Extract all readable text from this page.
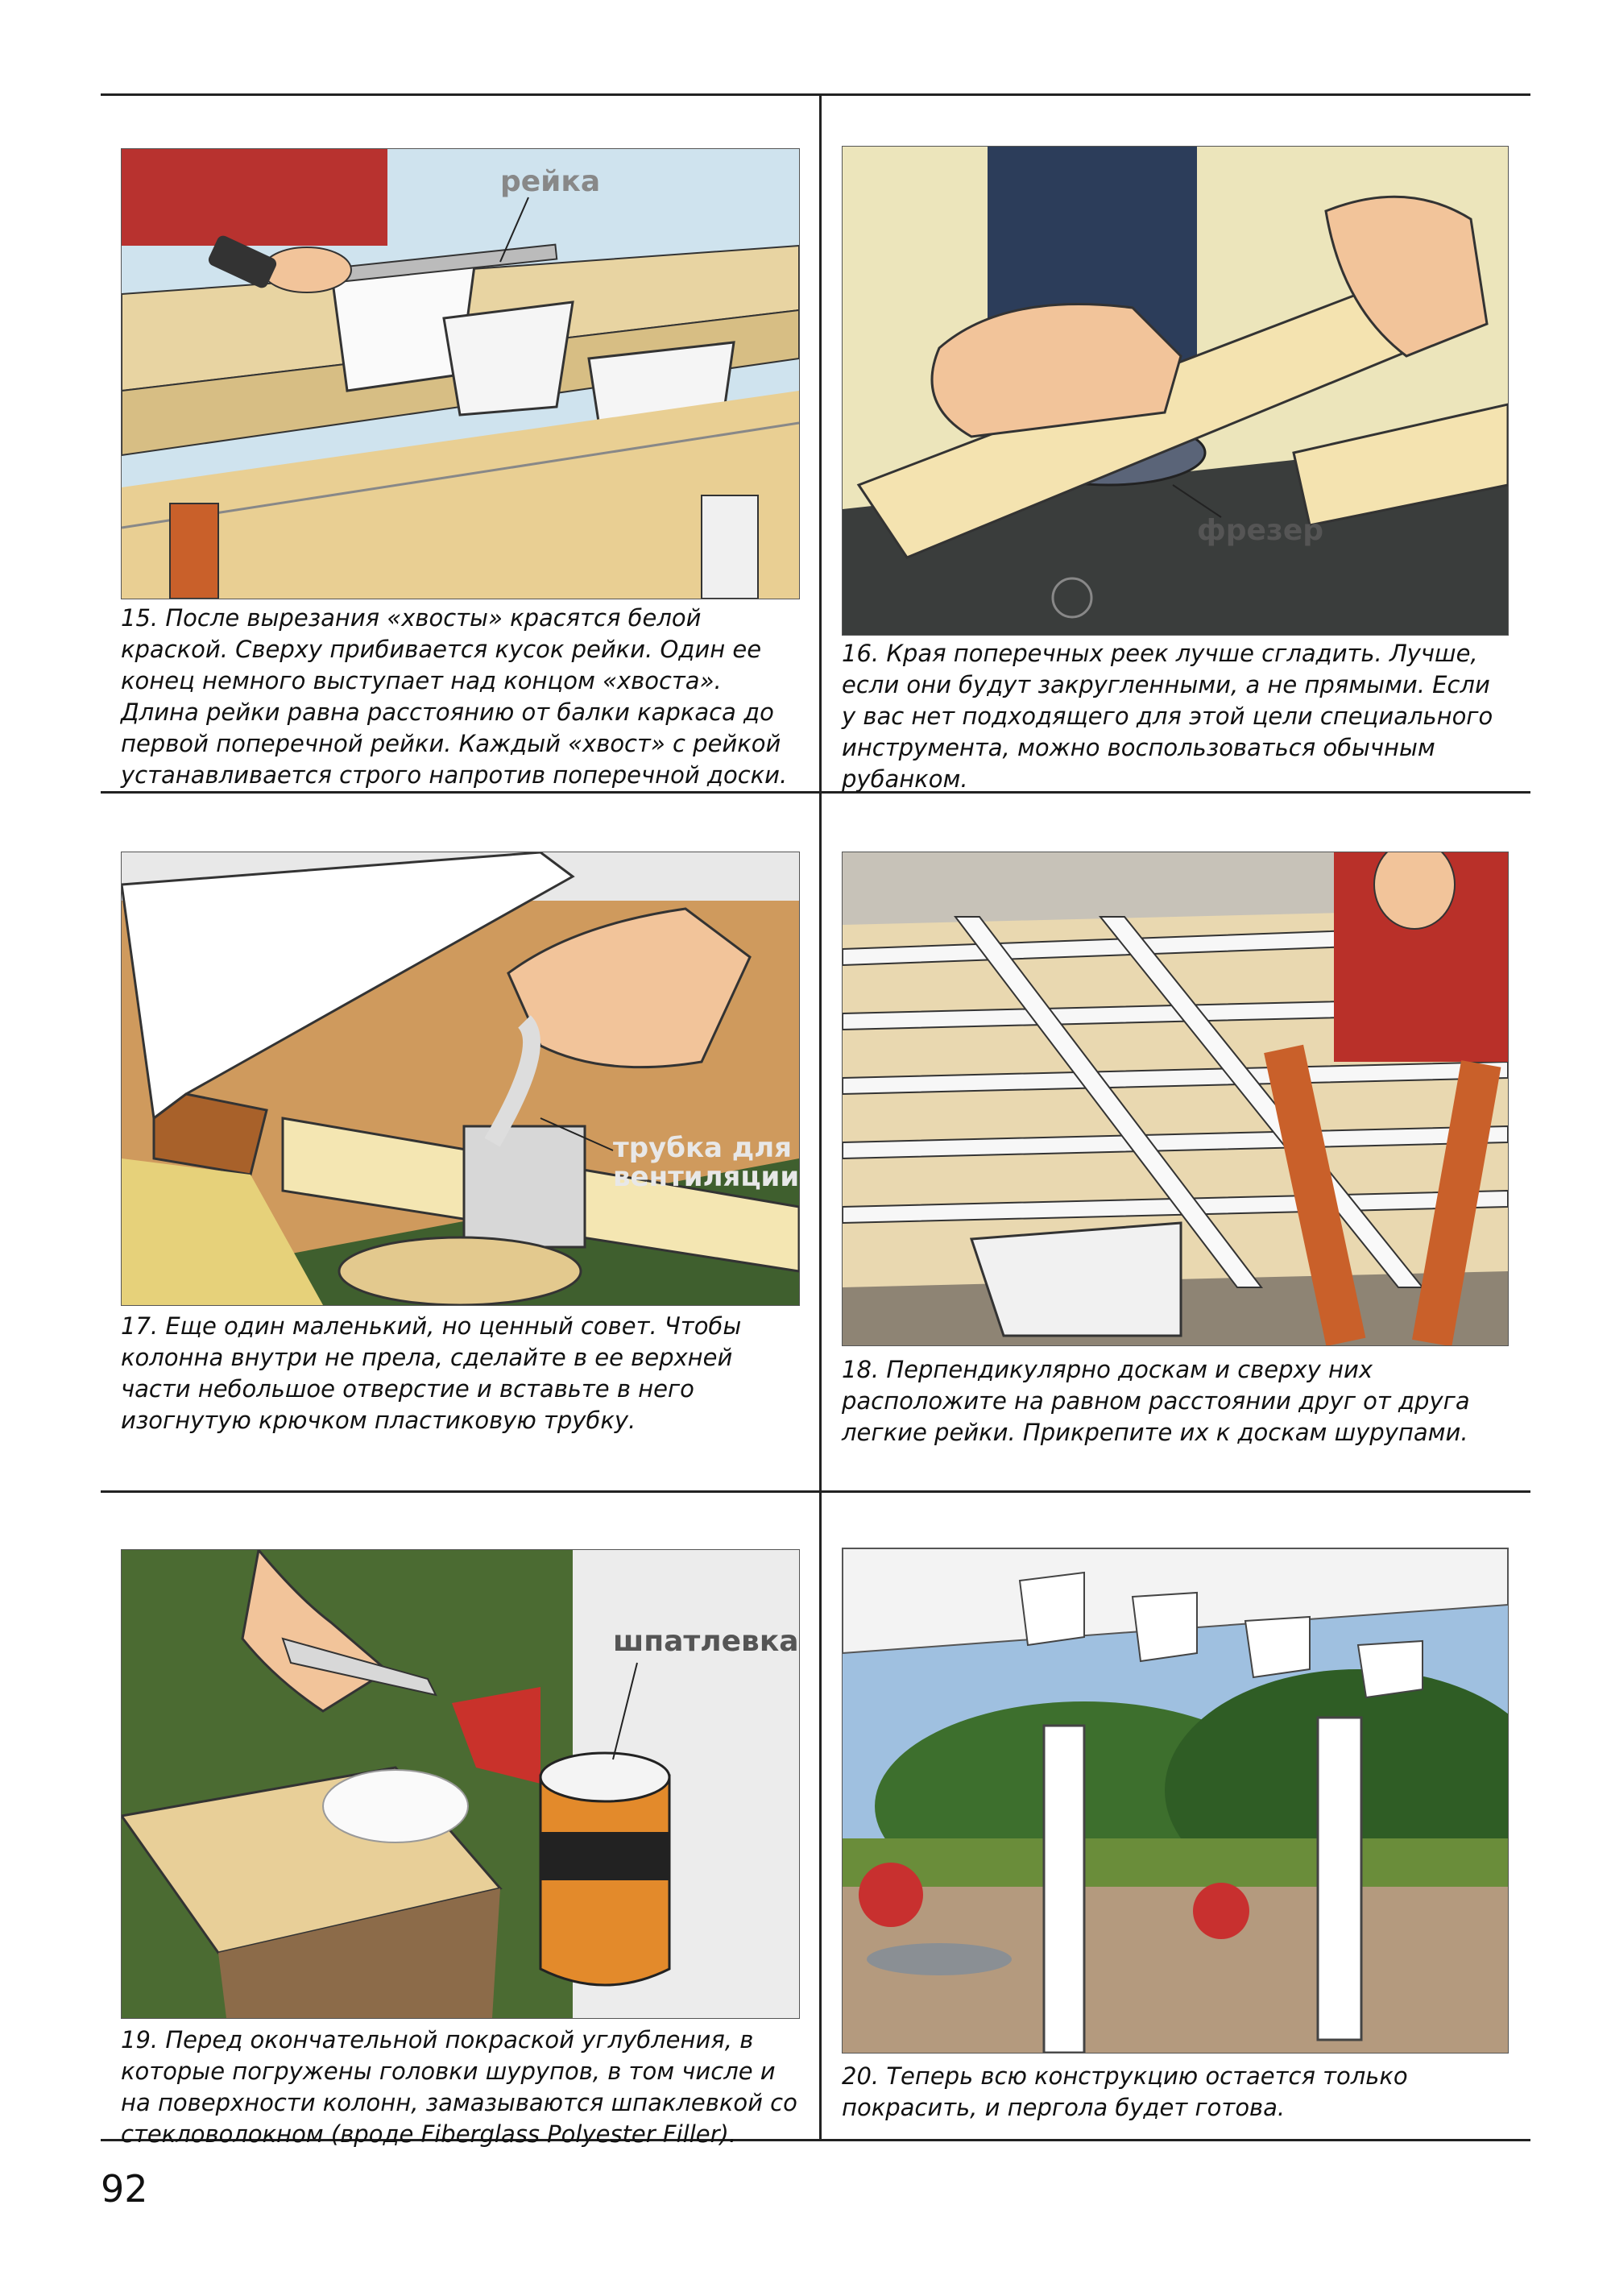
рейка
15. После вырезания «хвосты» красятся белой краской. Сверху прибивается кусок рейки. Один ее конец немного выступает над концом «хвоста». Длина рейки равна расстоянию от балки каркаса до первой поперечной рейки. Каждый «хвост» с рейкой устанавливается строго напротив поперечной доски.
фрезер
16. Края поперечных реек лучше сгладить. Лучше, если они будут закругленными, а не прямыми. Если у вас нет подходящего для этой цели специального инструмента, можно воспользоваться обычным рубанком.
трубка для
вентиляции
17. Еще один маленький, но ценный совет. Чтобы колонна внутри не прела, сделайте в ее верхней части небольшое отверстие и вставьте в него изогнутую крючком пластиковую трубку.
18. Перпендикулярно доскам и сверху них расположите на равном расстоянии друг от друга легкие рейки. Прикрепите их к доскам шурупами.
шпатлевка
19. Перед окончательной покраской углубления, в которые погружены головки шурупов, в том числе и на поверхности колонн, замазываются шпаклевкой со стекловолокном (вроде Fiberglass Polyester Filler).
20. Теперь всю конструкцию остается только покрасить, и пергола будет готова.
92
